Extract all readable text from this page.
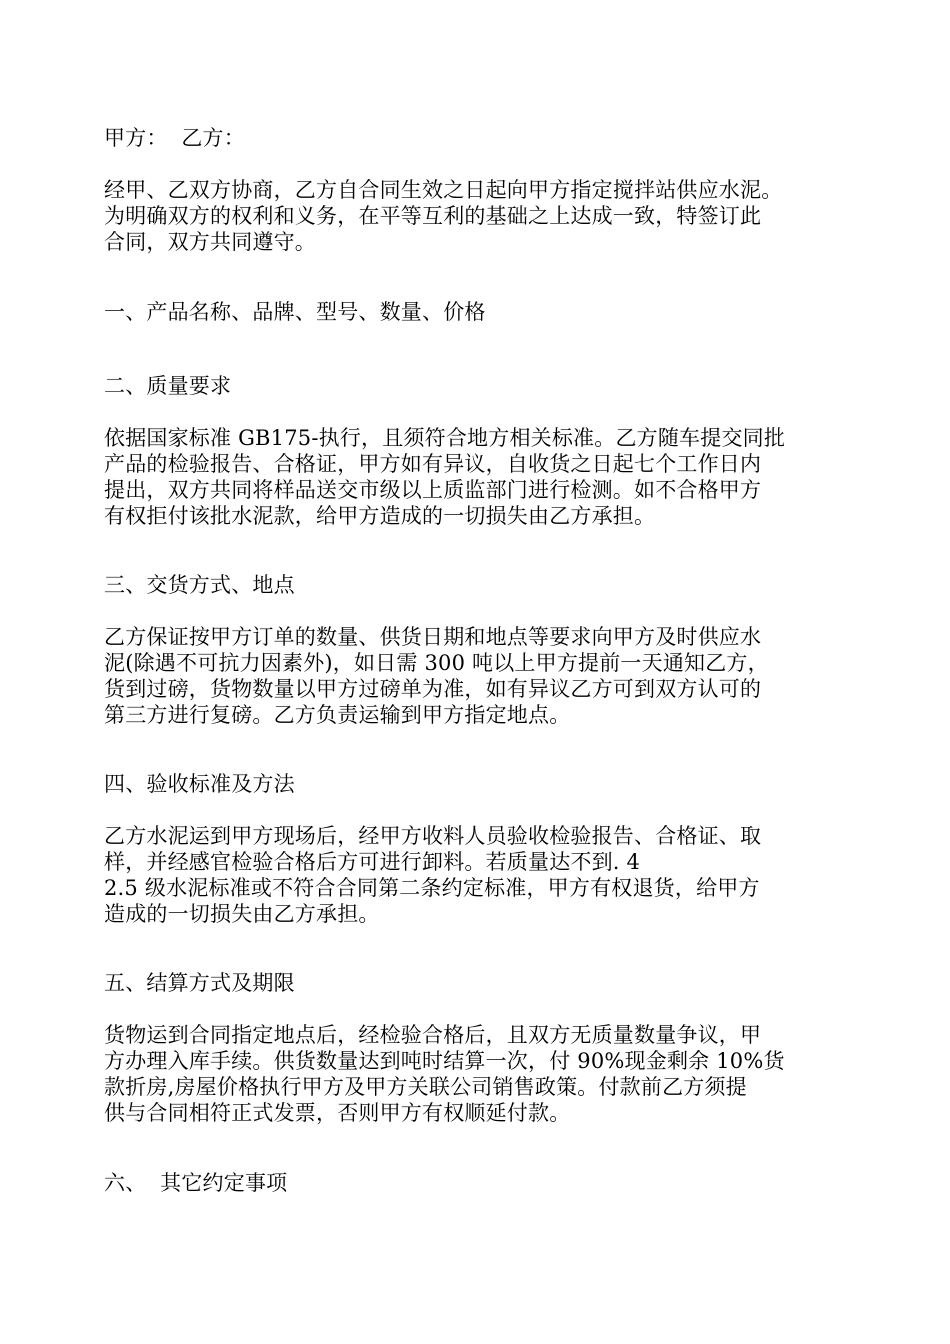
甲方：  乙方：
经甲、乙双方协商，乙方自合同生效之日起向甲方指定搅拌站供应水泥。
为明确双方的权利和义务，在平等互利的基础之上达成一致，特签订此
合同，双方共同遵守。
一、产品名称、品牌、型号、数量、价格
二、质量要求
依据国家标准 GB175-执行，且须符合地方相关标准。乙方随车提交同批
产品的检验报告、合格证，甲方如有异议，自收货之日起七个工作日内
提出，双方共同将样品送交市级以上质监部门进行检测。如不合格甲方
有权拒付该批水泥款，给甲方造成的一切损失由乙方承担。
三、交货方式、地点
乙方保证按甲方订单的数量、供货日期和地点等要求向甲方及时供应水
泥(除遇不可抗力因素外)，如日需 300 吨以上甲方提前一天通知乙方，
货到过磅，货物数量以甲方过磅单为准，如有异议乙方可到双方认可的
第三方进行复磅。乙方负责运输到甲方指定地点。
四、验收标准及方法
乙方水泥运到甲方现场后，经甲方收料人员验收检验报告、合格证、取
样，并经感官检验合格后方可进行卸料。若质量达不到. 4
2.5 级水泥标准或不符合合同第二条约定标准，甲方有权退货，给甲方
造成的一切损失由乙方承担。
五、结算方式及期限
货物运到合同指定地点后，经检验合格后，且双方无质量数量争议，甲
方办理入库手续。供货数量达到吨时结算一次，付 90%现金剩余 10%货
款折房,房屋价格执行甲方及甲方关联公司销售政策。付款前乙方须提
供与合同相符正式发票，否则甲方有权顺延付款。
六、  其它约定事项
